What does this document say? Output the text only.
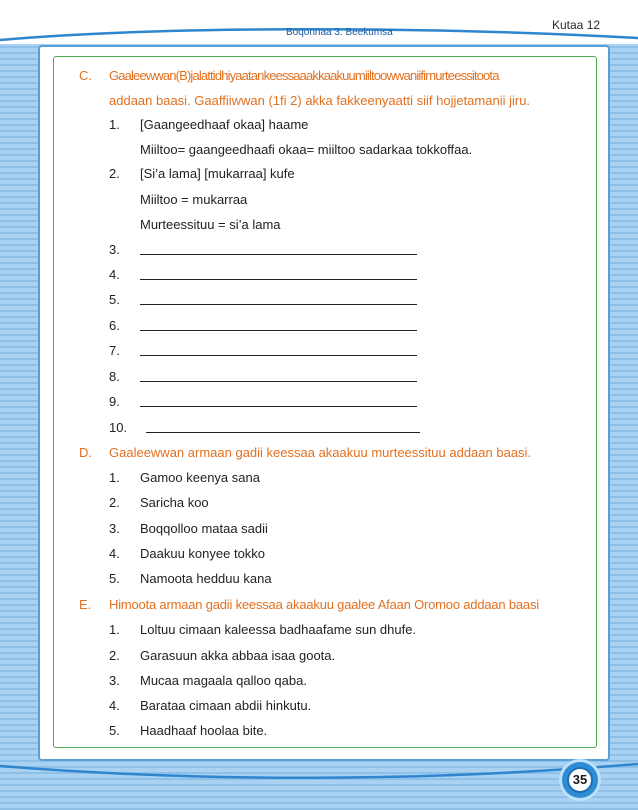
Boqonnaa 3: Beekumsa
Kutaa 12
C. Gaaleewwan(B)jalattidhiyaatankeessaaakkaakuumiiltoowwaniifimurteessitoota
addaan baasi. Gaaffiiwwan (1fi 2) akka fakkeenyaatti siif hojjetamanii jiru.
1. [Gaangeedhaaf okaa] haame
Miiltoo= gaangeedhaafi okaa= miiltoo sadarkaa tokkoffaa.
2. [Si’a lama] [mukarraa] kufe
Miiltoo = mukarraa
Murteessituu = si’a lama
3.
4.
5.
6.
7.
8.
9.
10.
D. Gaaleewwan armaan gadii keessaa akaakuu murteessituu addaan baasi.
1. Gamoo keenya sana
2. Saricha koo
3. Boqqolloo mataa sadii
4. Daakuu konyee tokko
5. Namoota hedduu kana
E. Himoota armaan gadii keessaa akaakuu gaalee Afaan Oromoo addaan baasi
1. Loltuu cimaan kaleessa badhaafame sun dhufe.
2. Garasuun akka abbaa isaa goota.
3. Mucaa magaala qalloo qaba.
4. Barataa cimaan abdii hinkutu.
5. Haadhaaf hoolaa bite.
35
